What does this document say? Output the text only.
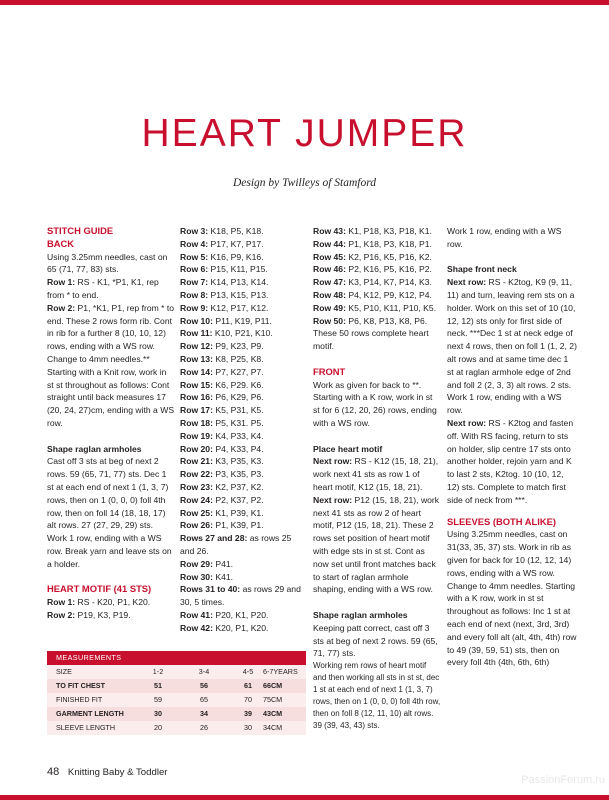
HEART JUMPER
Design by Twilleys of Stamford

STITCH GUIDE

BACK

Using 3.25mm needles, cast on 65 (71, 77, 83) sts.

Row 1: RS - K1, *P1, K1, rep from * to end.

Row 2: P1, *K1, P1, rep from * to end. These 2 rows form rib. Cont in rib for a further 8 (10, 10, 12) rows, ending with a WS row.

Change to 4mm needles.** Starting with a Knit row, work in st st throughout as follows: Cont straight until back measures 17 (20, 24, 27)cm, ending with a WS row.

Shape raglan armholes

Cast off 3 sts at beg of next 2 rows. 59 (65, 71, 77) sts. Dec 1 st at each end of next 1 (1, 3, 7) rows, then on 1 (0, 0, 0) foll 4th row, then on foll 14 (18, 18, 17) alt rows. 27 (27, 29, 29) sts. Work 1 row, ending with a WS row. Break yarn and leave sts on a holder.

HEART MOTIF (41 STS)

Row 1: RS - K20, P1, K20.

Row 2: P19, K3, P19.

Row 3: K18, P5, K18.

Row 4: P17, K7, P17.

Row 5: K16, P9, K16.

Row 6: P15, K11, P15.

Row 7: K14, P13, K14.

Row 8: P13, K15, P13.

Row 9: K12, P17, K12.

Row 10: P11, K19, P11.

Row 11: K10, P21, K10.

Row 12: P9, K23, P9.

Row 13: K8, P25, K8.

Row 14: P7, K27, P7.

Row 15: K6, P29. K6.

Row 16: P6, K29, P6.

Row 17: K5, P31, K5.

Row 18: P5, K31. P5.

Row 19: K4, P33, K4.

Row 20: P4, K33, P4.

Row 21: K3, P35, K3.

Row 22: P3, K35, P3.

Row 23: K2, P37, K2.

Row 24: P2, K37, P2.

Row 25: K1, P39, K1.

Row 26: P1, K39, P1.

Rows 27 and 28: as rows 25 and 26.

Row 29: P41.

Row 30: K41.

Rows 31 to 40: as rows 29 and 30, 5 times.

Row 41: P20, K1, P20.

Row 42: K20, P1, K20.

Row 43: K1, P18, K3, P18, K1.

Row 44: P1, K18, P3, K18, P1.

Row 45: K2, P16, K5, P16, K2.

Row 46: P2, K16, P5, K16, P2.

Row 47: K3, P14, K7, P14, K3.

Row 48: P4, K12, P9, K12, P4.

Row 49: K5, P10, K11, P10, K5.

Row 50: P6, K8, P13, K8, P6.

These 50 rows complete heart motif.

FRONT

Work as given for back to **. Starting with a K row, work in st st for 6 (12, 20, 26) rows, ending with a WS row.

Place heart motif

Next row: RS - K12 (15, 18, 21), work next 41 sts as row 1 of heart motif, K12 (15, 18, 21).

Next row: P12 (15, 18, 21), work next 41 sts as row 2 of heart motif, P12 (15, 18, 21). These 2 rows set position of heart motif with edge sts in st st. Cont as now set until front matches back to start of raglan armhole shaping, ending with a WS row.

Shape raglan armholes

Keeping patt correct, cast off 3 sts at beg of next 2 rows. 59 (65, 71, 77) sts.

Working rem rows of heart motif and then working all sts in st st, dec 1 st at each end of next 1 (1, 3, 7) rows, then on 1 (0, 0, 0) foll 4th row, then on foll 8 (12, 11, 10) alt rows. 39 (39, 43, 43) sts.

Work 1 row, ending with a WS row.

Shape front neck

Next row: RS - K2tog, K9 (9, 11, 11) and turn, leaving rem sts on a holder. Work on this set of 10 (10, 12, 12) sts only for first side of neck. ***Dec 1 st at neck edge of next 4 rows, then on foll 1 (1, 2, 2) alt rows and at same time dec 1 st at raglan armhole edge of 2nd and foll 2 (2, 3, 3) alt rows. 2 sts. Work 1 row, ending with a WS row.

Next row: RS - K2tog and fasten off. With RS facing, return to sts on holder, slip centre 17 sts onto another holder, rejoin yarn and K to last 2 sts, K2tog. 10 (10, 12, 12) sts. Complete to match first side of neck from ***.

SLEEVES (BOTH ALIKE)

Using 3.25mm needles, cast on 31(33, 35, 37) sts. Work in rib as given for back for 10 (12, 12, 14) rows, ending with a WS row.

Change to 4mm needles. Starting with a K row, work in st st throughout as follows: Inc 1 st at each end of next (next, 3rd, 3rd) and every foll alt (alt, 4th, 4th) row to 49 (39, 59, 51) sts, then on every foll 4th (4th, 6th, 6th)

MEASUREMENTS
SIZE	1-2	3-4	4-5	6-7YEARS
TO FIT CHEST	51	56	61	66CM
FINISHED FIT	59	65	70	75CM
GARMENT LENGTH	30	34	39	43CM
SLEEVE LENGTH	20	26	30	34CM
48 Knitting Baby & Toddler
PassionForum.ru
